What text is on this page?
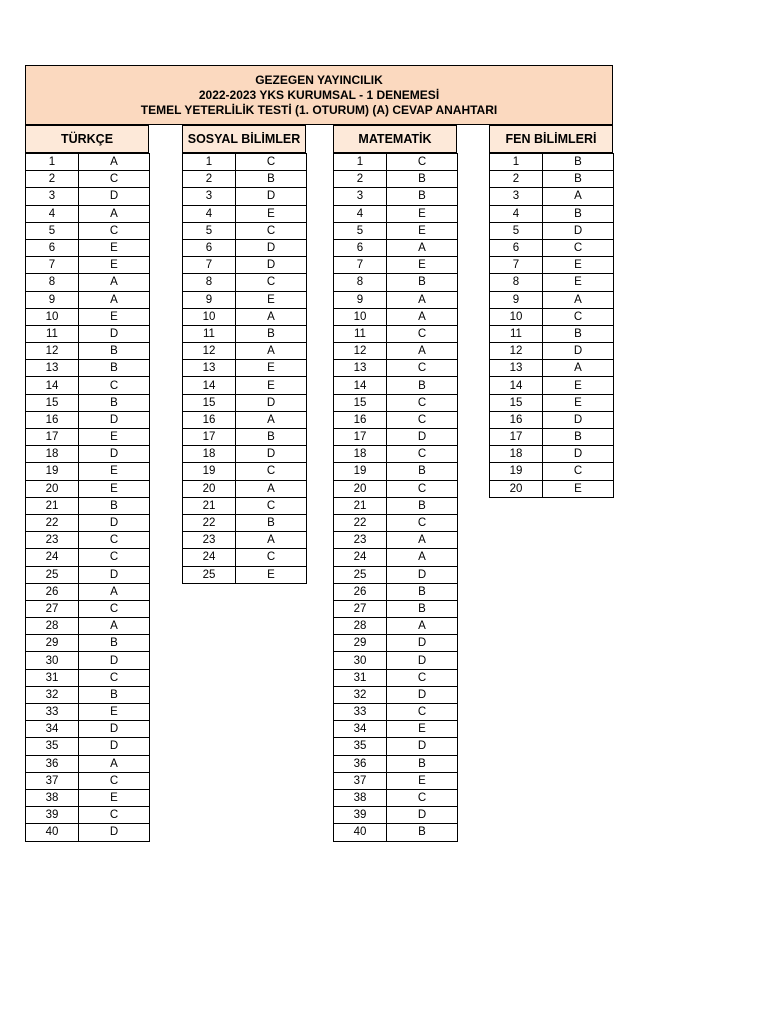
GEZEGEN YAYINCILIK
2022-2023 YKS KURUMSAL - 1 DENEMESİ
TEMEL YETERLİLİK TESTİ (1. OTURUM) (A) CEVAP ANAHTARI
TÜRKÇE
1	A
2	C
3	D
4	A
5	C
6	E
7	E
8	A
9	A
10	E
11	D
12	B
13	B
14	C
15	B
16	D
17	E
18	D
19	E
20	E
21	B
22	D
23	C
24	C
25	D
26	A
27	C
28	A
29	B
30	D
31	C
32	B
33	E
34	D
35	D
36	A
37	C
38	E
39	C
40	D
SOSYAL BİLİMLER
1	C
2	B
3	D
4	E
5	C
6	D
7	D
8	C
9	E
10	A
11	B
12	A
13	E
14	E
15	D
16	A
17	B
18	D
19	C
20	A
21	C
22	B
23	A
24	C
25	E
MATEMATİK
1	C
2	B
3	B
4	E
5	E
6	A
7	E
8	B
9	A
10	A
11	C
12	A
13	C
14	B
15	C
16	C
17	D
18	C
19	B
20	C
21	B
22	C
23	A
24	A
25	D
26	B
27	B
28	A
29	D
30	D
31	C
32	D
33	C
34	E
35	D
36	B
37	E
38	C
39	D
40	B
FEN BİLİMLERİ
1	B
2	B
3	A
4	B
5	D
6	C
7	E
8	E
9	A
10	C
11	B
12	D
13	A
14	E
15	E
16	D
17	B
18	D
19	C
20	E
